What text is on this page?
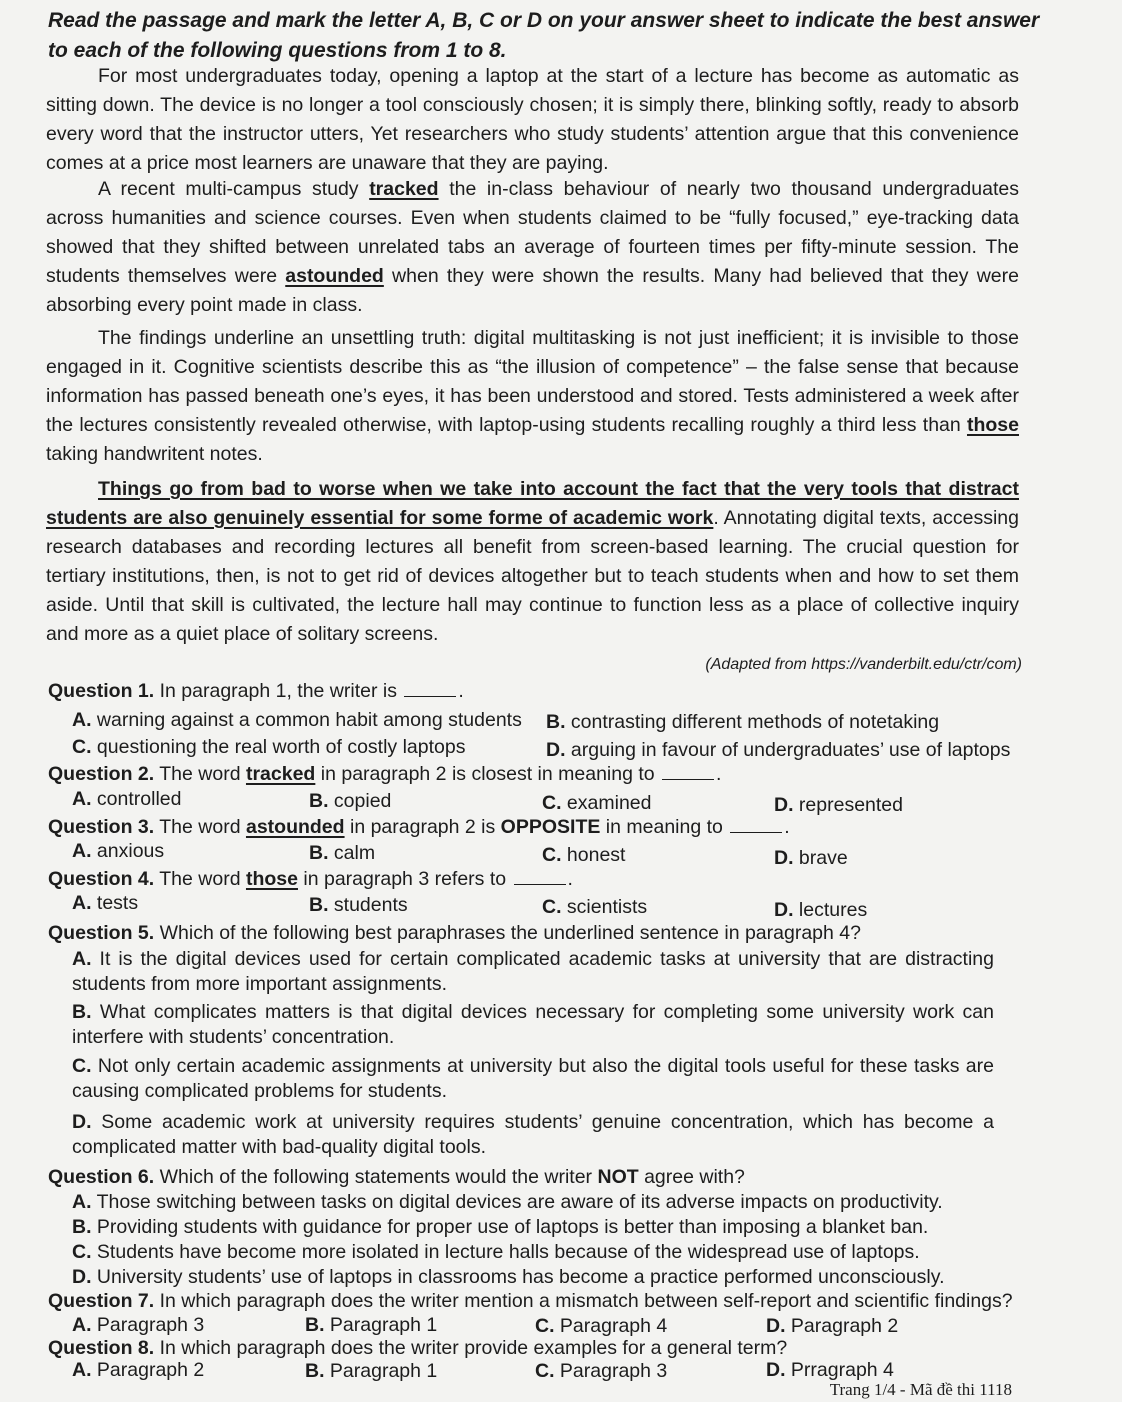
Read the passage and mark the letter A, B, C or D on your answer sheet to indicate the best answer to each of the following questions from 1 to 8.
For most undergraduates today, opening a laptop at the start of a lecture has become as automatic as sitting down. The device is no longer a tool consciously chosen; it is simply there, blinking softly, ready to absorb every word that the instructor utters, Yet researchers who study students’ attention argue that this convenience comes at a price most learners are unaware that they are paying.
A recent multi-campus study tracked the in-class behaviour of nearly two thousand undergraduates across humanities and science courses. Even when students claimed to be “fully focused,” eye-tracking data showed that they shifted between unrelated tabs an average of fourteen times per fifty-minute session. The students themselves were astounded when they were shown the results. Many had believed that they were absorbing every point made in class.
The findings underline an unsettling truth: digital multitasking is not just inefficient; it is invisible to those engaged in it. Cognitive scientists describe this as “the illusion of competence” – the false sense that because information has passed beneath one’s eyes, it has been understood and stored. Tests administered a week after the lectures consistently revealed otherwise, with laptop-using students recalling roughly a third less than those taking handwritent notes.
Things go from bad to worse when we take into account the fact that the very tools that distract students are also genuinely essential for some forme of academic work. Annotating digital texts, accessing research databases and recording lectures all benefit from screen-based learning. The crucial question for tertiary institutions, then, is not to get rid of devices altogether but to teach students when and how to set them aside. Until that skill is cultivated, the lecture hall may continue to function less as a place of collective inquiry and more as a quiet place of solitary screens.
(Adapted from https://vanderbilt.edu/ctr/com)
Question 1. In paragraph 1, the writer is	.
A. warning against a common habit among students B. contrasting different methods of notetaking
C. questioning the real worth of costly laptops	D. arguing in favour of undergraduates’ use of laptops
Question 2. The word tracked in paragraph 2 is closest in meaning to	.
A. controlled	B. copied	C. examined	D. represented
Question 3. The word astounded in paragraph 2 is OPPOSITE in meaning to	.
A. anxious	B. calm	C. honest	D. brave
Question 4. The word those in paragraph 3 refers to	.
A. tests	B. students	C. scientists	D. lectures
Question 5. Which of the following best paraphrases the underlined sentence in paragraph 4?
A. It is the digital devices used for certain complicated academic tasks at university that are distracting students from more important assignments.
B. What complicates matters is that digital devices necessary for completing some university work can interfere with students’ concentration.
C. Not only certain academic assignments at university but also the digital tools useful for these tasks are causing complicated problems for students.
D. Some academic work at university requires students’ genuine concentration, which has become a complicated matter with bad-quality digital tools.
Question 6. Which of the following statements would the writer NOT agree with?
A. Those switching between tasks on digital devices are aware of its adverse impacts on productivity.
B. Providing students with guidance for proper use of laptops is better than imposing a blanket ban.
C. Students have become more isolated in lecture halls because of the widespread use of laptops.
D. University students’ use of laptops in classrooms has become a practice performed unconsciously.
Question 7. In which paragraph does the writer mention a mismatch between self-report and scientific findings?
A. Paragraph 3	B. Paragraph 1	C. Paragraph 4	D. Paragraph 2
Question 8. In which paragraph does the writer provide examples for a general term?
A. Paragraph 2	B. Paragraph 1	C. Paragraph 3	D. Prragraph 4
Trang 1/4 - Mã đề thi 1118
